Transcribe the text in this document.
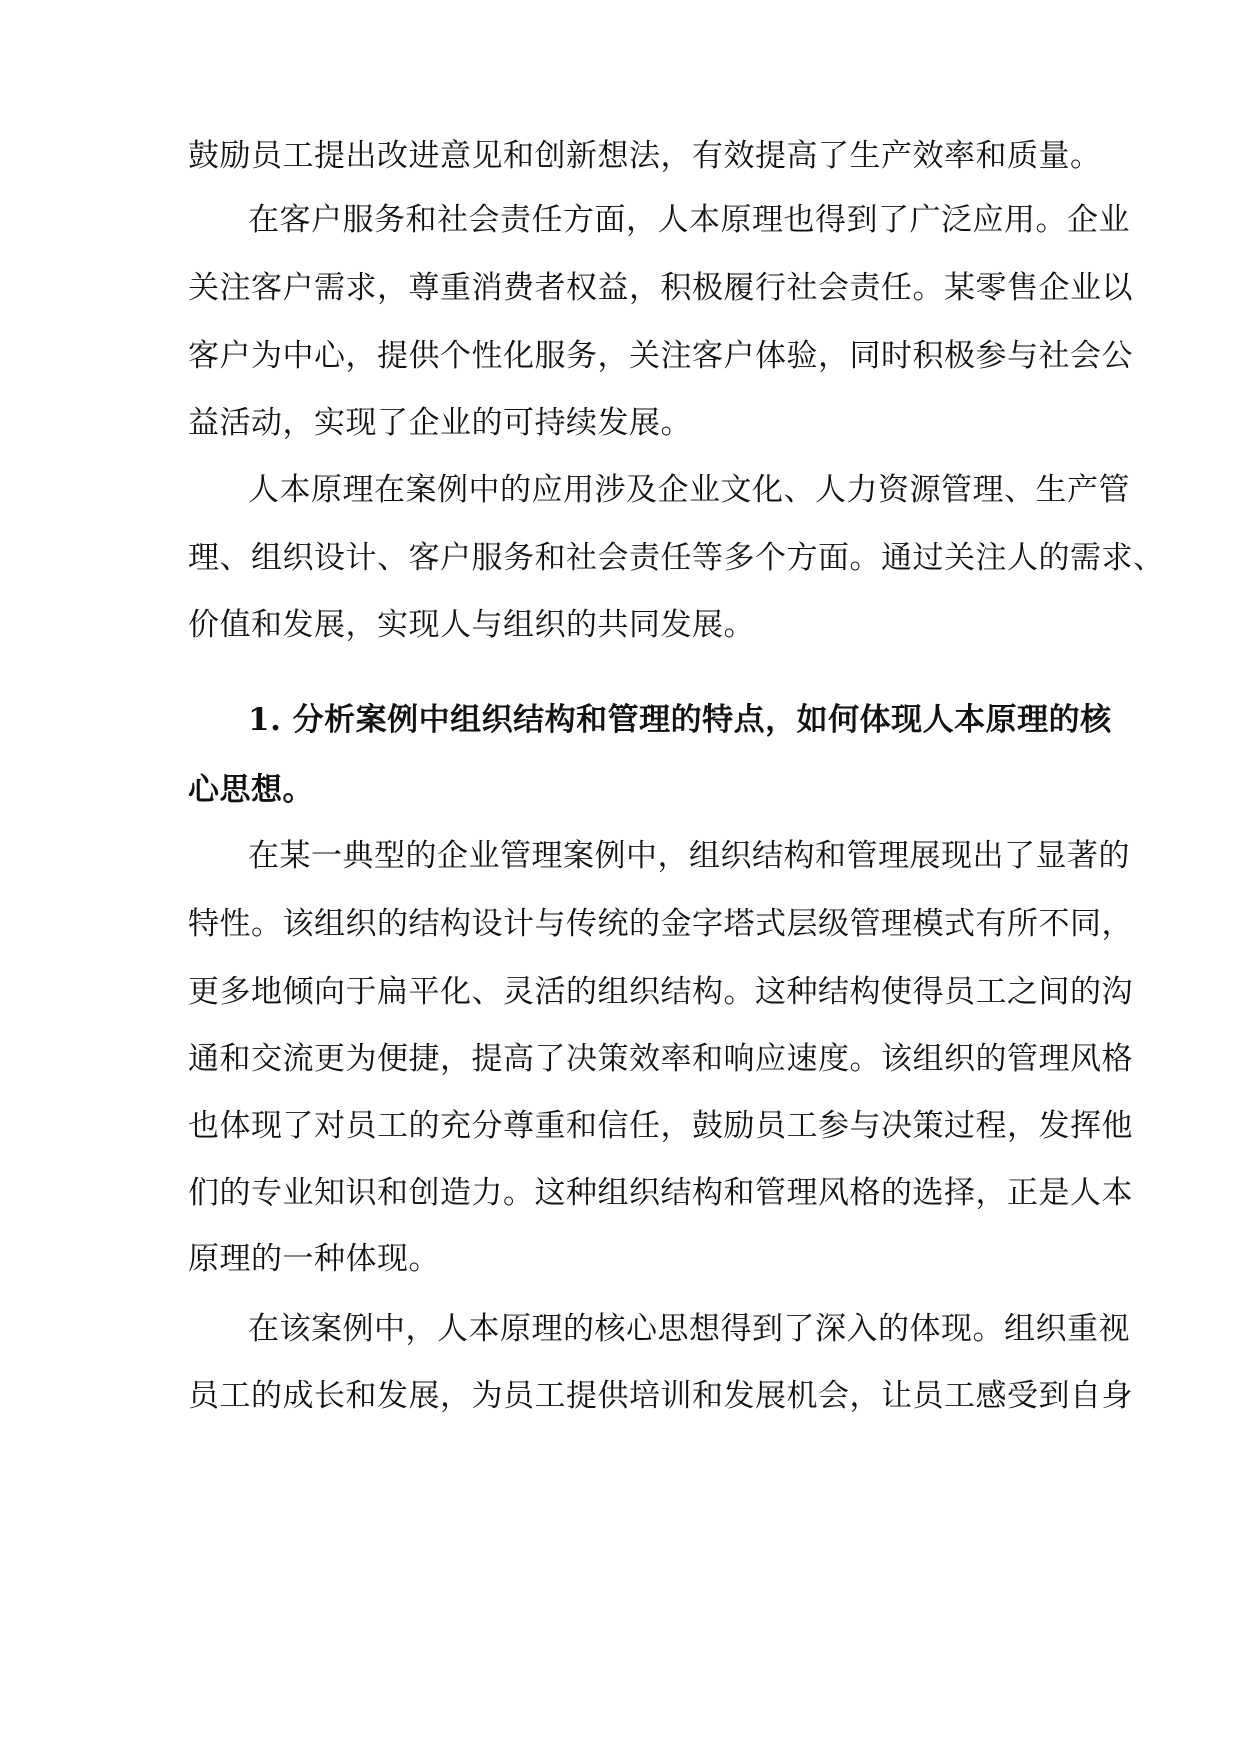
鼓励员工提出改进意见和创新想法，有效提高了生产效率和质量。
在客户服务和社会责任方面，人本原理也得到了广泛应用。企业
关注客户需求，尊重消费者权益，积极履行社会责任。某零售企业以
客户为中心，提供个性化服务，关注客户体验，同时积极参与社会公
益活动，实现了企业的可持续发展。
人本原理在案例中的应用涉及企业文化、人力资源管理、生产管
理、组织设计、客户服务和社会责任等多个方面。通过关注人的需求、
价值和发展，实现人与组织的共同发展。
1. 分析案例中组织结构和管理的特点，如何体现人本原理的核
心思想。
在某一典型的企业管理案例中，组织结构和管理展现出了显著的
特性。该组织的结构设计与传统的金字塔式层级管理模式有所不同，
更多地倾向于扁平化、灵活的组织结构。这种结构使得员工之间的沟
通和交流更为便捷，提高了决策效率和响应速度。该组织的管理风格
也体现了对员工的充分尊重和信任，鼓励员工参与决策过程，发挥他
们的专业知识和创造力。这种组织结构和管理风格的选择，正是人本
原理的一种体现。
在该案例中，人本原理的核心思想得到了深入的体现。组织重视
员工的成长和发展，为员工提供培训和发展机会，让员工感受到自身
